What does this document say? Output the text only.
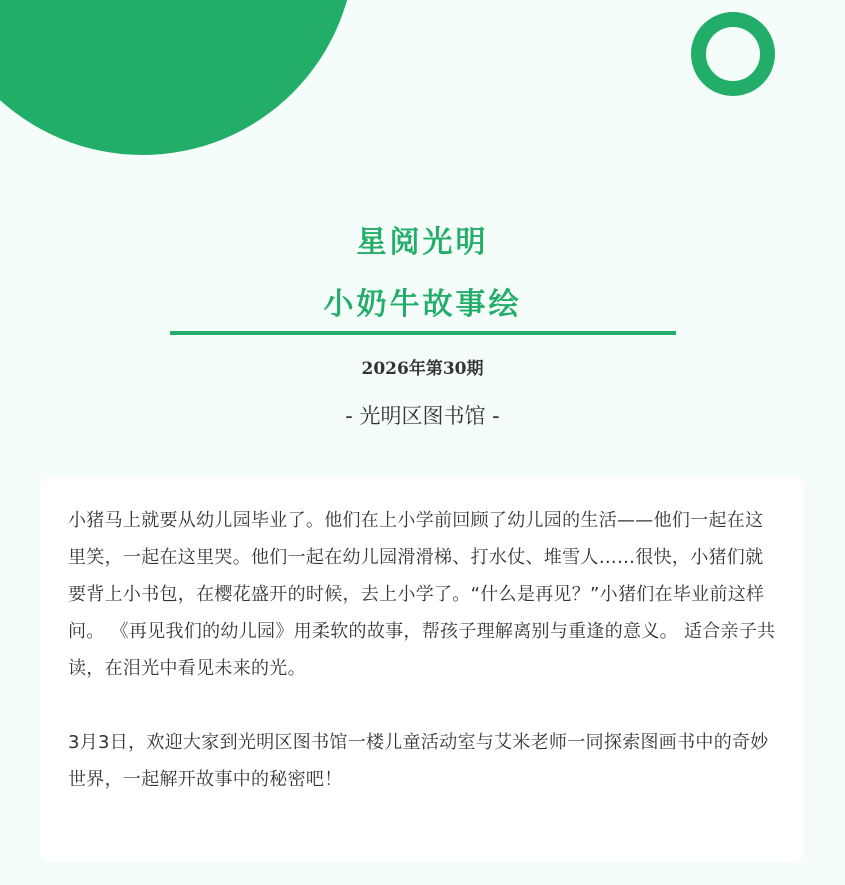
星阅光明
小奶牛故事绘
2026年第30期
- 光明区图书馆 -

小猪马上就要从幼儿园毕业了。他们在上小学前回顾了幼儿园的生活——他们一起在这里笑，一起在这里哭。他们一起在幼儿园滑滑梯、打水仗、堆雪人……很快，小猪们就要背上小书包，在樱花盛开的时候，去上小学了。“什么是再见？”小猪们在毕业前这样问。 《再见我们的幼儿园》用柔软的故事，帮孩子理解离别与重逢的意义。 适合亲子共读，在泪光中看见未来的光。

3月3日，欢迎大家到光明区图书馆一楼儿童活动室与艾米老师一同探索图画书中的奇妙世界，一起解开故事中的秘密吧！
